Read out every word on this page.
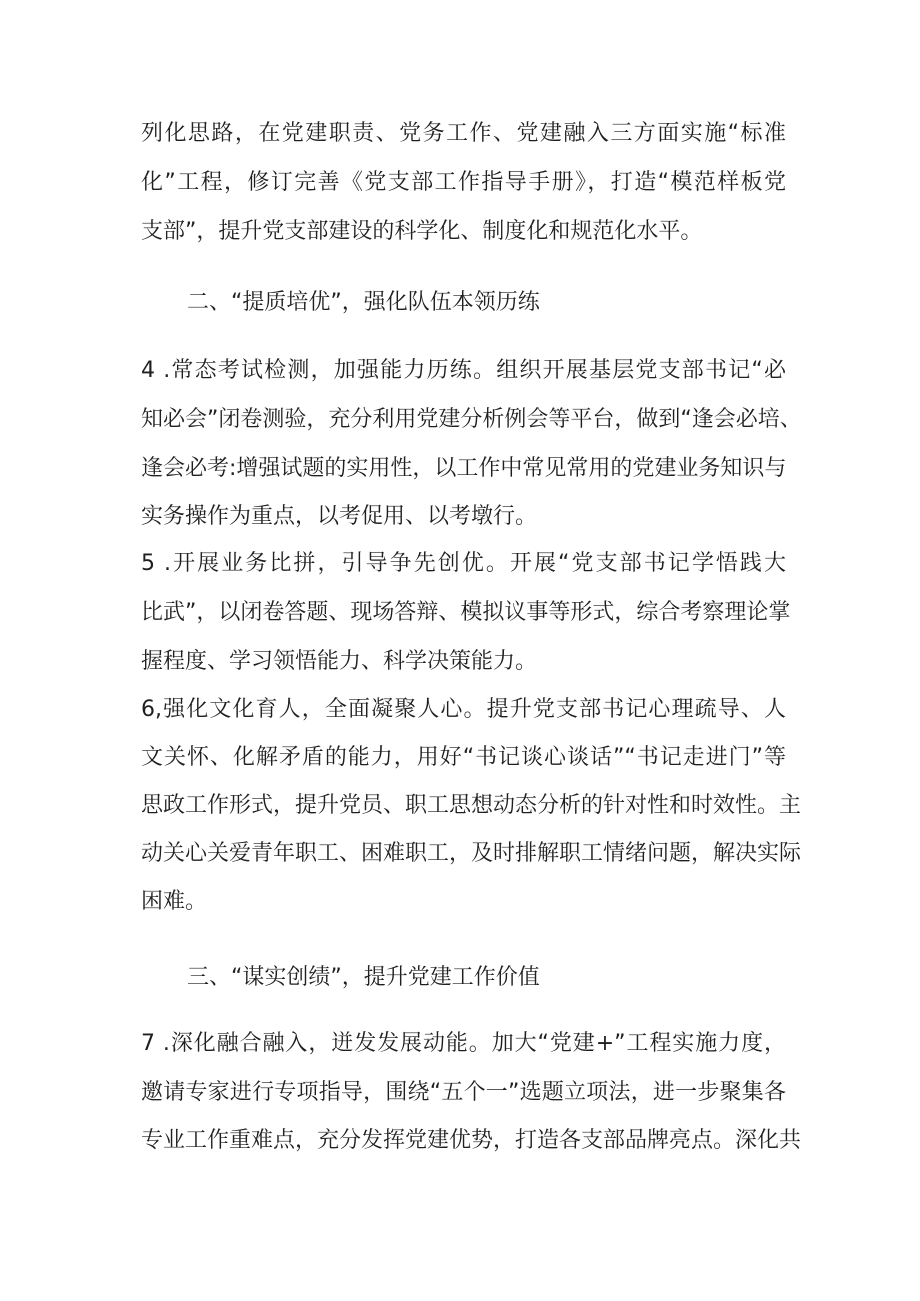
列化思路，在党建职责、党务工作、党建融入三方面实施“标准
化”工程，修订完善《党支部工作指导手册》，打造“模范样板党
支部”，提升党支部建设的科学化、制度化和规范化水平。
二、“提质培优”，强化队伍本领历练
4 .常态考试检测，加强能力历练。组织开展基层党支部书记“必
知必会”闭卷测验，充分利用党建分析例会等平台，做到“逢会必培、
逢会必考:增强试题的实用性，以工作中常见常用的党建业务知识与
实务操作为重点，以考促用、以考墩行。
5 .开展业务比拼，引导争先创优。开展“党支部书记学悟践大
比武”，以闭卷答题、现场答辩、模拟议事等形式，综合考察理论掌
握程度、学习领悟能力、科学决策能力。
6,强化文化育人，全面凝聚人心。提升党支部书记心理疏导、人
文关怀、化解矛盾的能力，用好“书记谈心谈话”“书记走进门”等
思政工作形式，提升党员、职工思想动态分析的针对性和时效性。主
动关心关爱青年职工、困难职工，及时排解职工情绪问题，解决实际
困难。
三、“谋实创绩”，提升党建工作价值
7 .深化融合融入，迸发发展动能。加大“党建+”工程实施力度，
邀请专家进行专项指导，围绕“五个一”选题立项法，进一步聚集各
专业工作重难点，充分发挥党建优势，打造各支部品牌亮点。深化共
